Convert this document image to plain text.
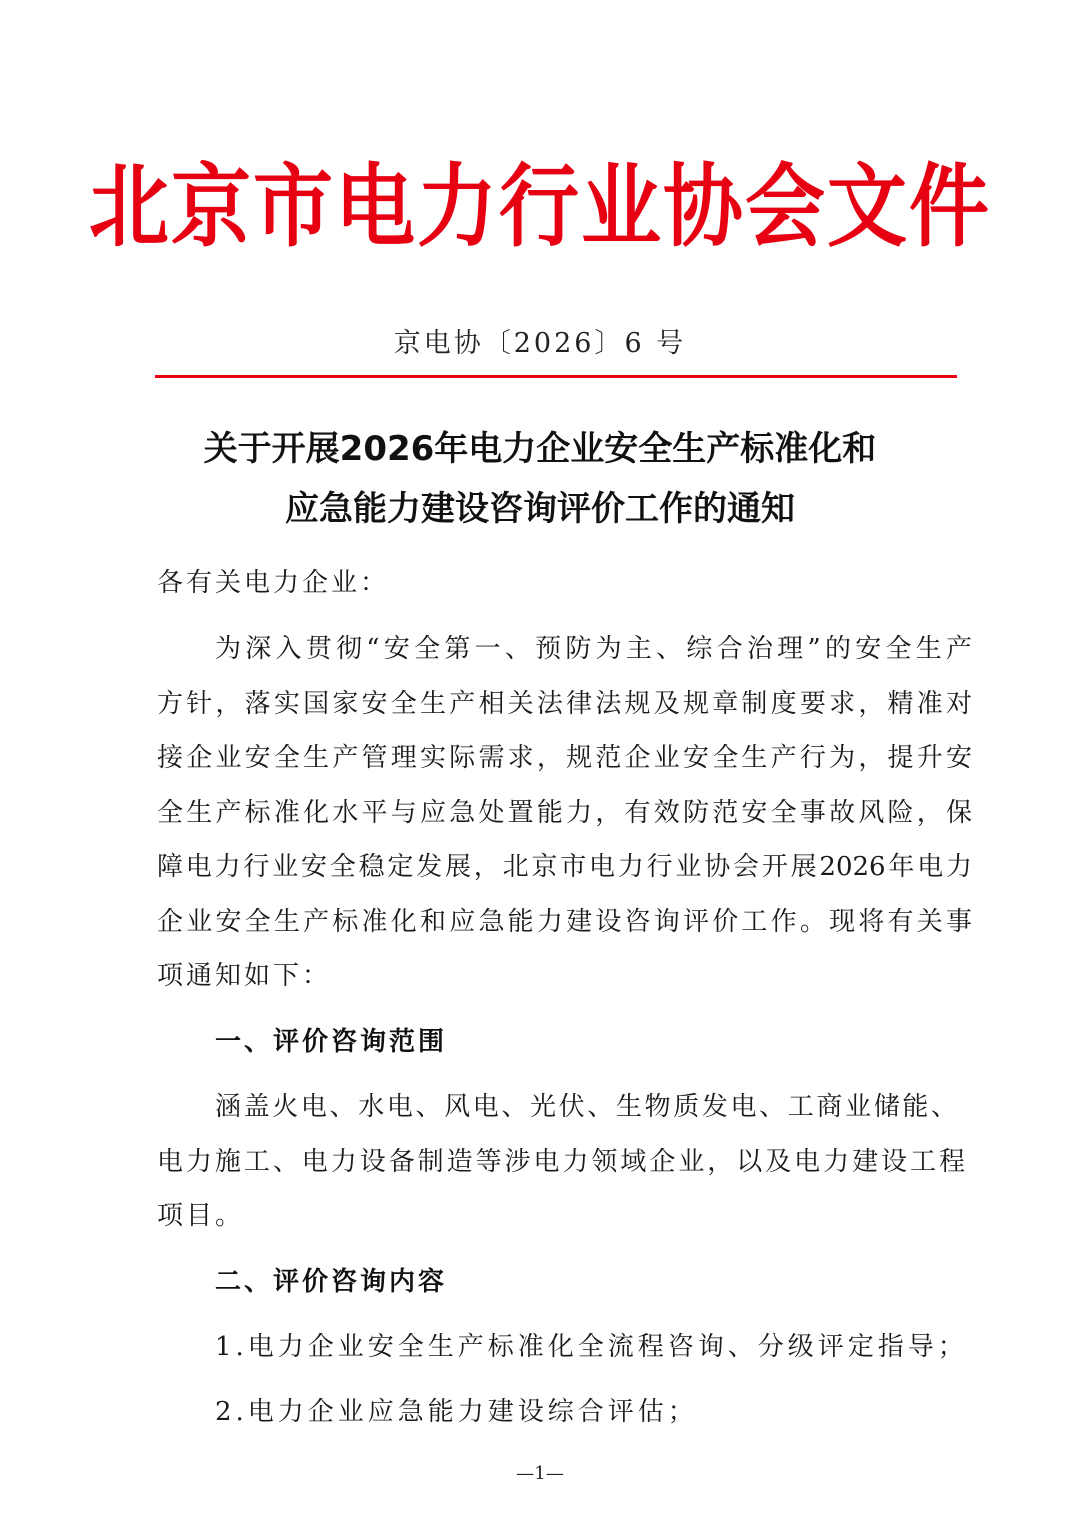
北京市电力行业协会文件
京电协〔2026〕6 号
关于开展2026年电力企业安全生产标准化和
应急能力建设咨询评价工作的通知
各有关电力企业：
为深入贯彻“安全第一、预防为主、综合治理”的安全生产
方针，落实国家安全生产相关法律法规及规章制度要求，精准对
接企业安全生产管理实际需求，规范企业安全生产行为，提升安
全生产标准化水平与应急处置能力，有效防范安全事故风险，保
障电力行业安全稳定发展，北京市电力行业协会开展2026年电力
企业安全生产标准化和应急能力建设咨询评价工作。现将有关事
项通知如下：
一、评价咨询范围
涵盖火电、水电、风电、光伏、生物质发电、工商业储能、
电力施工、电力设备制造等涉电力领域企业，以及电力建设工程
项目。
二、评价咨询内容
1.电力企业安全生产标准化全流程咨询、分级评定指导；
2.电力企业应急能力建设综合评估；
—1—
